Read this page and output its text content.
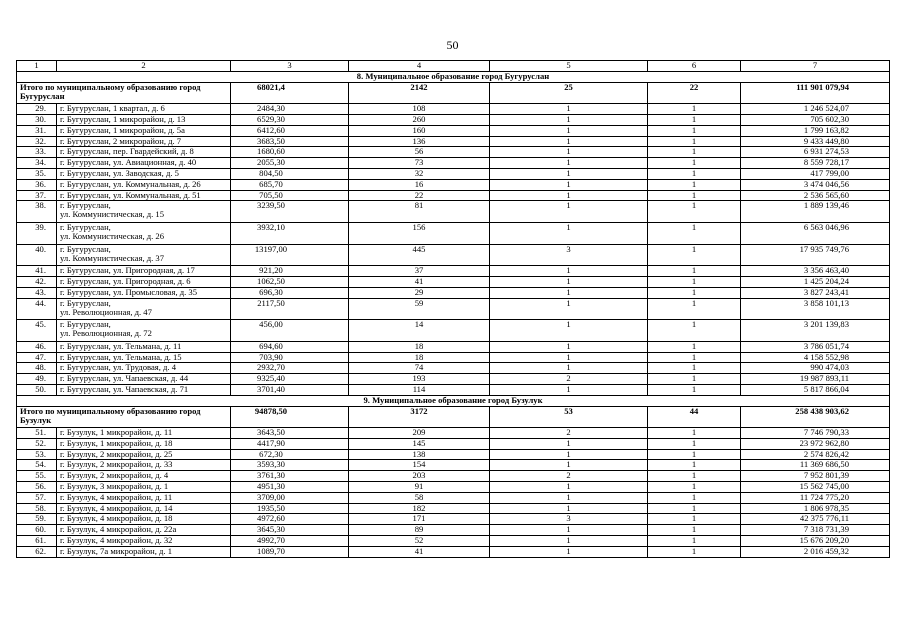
50
1	2	3	4	5	6	7
8. Муниципальное образование город Бугуруслан						
Итого по муниципальному образованию город Бугуруслан		68021,4	2142	25	22	111 901 079,94
29.	г. Бугуруслан, 1 квартал, д. 6	2484,30	108	1	1	1 246 524,07
30.	г. Бугуруслан, 1 микрорайон, д. 13	6529,30	260	1	1	705 602,30
31.	г. Бугуруслан, 1 микрорайон, д. 5а	6412,60	160	1	1	1 799 163,82
32.	г. Бугуруслан, 2 микрорайон, д. 7	3683,50	136	1	1	9 433 449,80
33.	г. Бугуруслан, пер. Гвардейский, д. 8	1680,60	56	1	1	6 931 274,53
34.	г. Бугуруслан, ул. Авиационная, д. 40	2055,30	73	1	1	8 559 728,17
35.	г. Бугуруслан, ул. Заводская, д. 5	804,50	32	1	1	417 799,00
36.	г. Бугуруслан, ул. Коммунальная, д. 26	685,70	16	1	1	3 474 046,56
37.	г. Бугуруслан, ул. Коммунальная, д. 51	705,50	22	1	1	2 536 565,60
38.	г. Бугуруслан,
ул. Коммунистическая, д. 15	3239,50	81	1	1	1 889 139,46
39.	г. Бугуруслан,
ул. Коммунистическая, д. 26	3932,10	156	1	1	6 563 046,96
40.	г. Бугуруслан,
ул. Коммунистическая, д. 37	13197,00	445	3	1	17 935 749,76
41.	г. Бугуруслан, ул. Пригородная, д. 17	921,20	37	1	1	3 356 463,40
42.	г. Бугуруслан, ул. Пригородная, д. 6	1062,50	41	1	1	1 425 204,24
43.	г. Бугуруслан, ул. Промысловая, д. 35	696,30	29	1	1	3 827 243,41
44.	г. Бугуруслан,
ул. Революционная, д. 47	2117,50	59	1	1	3 858 101,13
45.	г. Бугуруслан,
ул. Революционная, д. 72	456,00	14	1	1	3 201 139,83
46.	г. Бугуруслан, ул. Тельмана, д. 11	694,60	18	1	1	3 786 051,74
47.	г. Бугуруслан, ул. Тельмана, д. 15	703,90	18	1	1	4 158 552,98
48.	г. Бугуруслан, ул. Трудовая, д. 4	2932,70	74	1	1	990 474,03
49.	г. Бугуруслан, ул. Чапаевская, д. 44	9325,40	193	2	1	19 987 893,11
50.	г. Бугуруслан, ул. Чапаевская, д. 71	3701,40	114	1	1	5 817 866,04
9. Муниципальное образование город Бузулук						
Итого по муниципальному образованию город Бузулук		94878,50	3172	53	44	258 438 903,62
51.	г. Бузулук, 1 микрорайон, д. 11	3643,50	209	2	1	7 746 790,33
52.	г. Бузулук, 1 микрорайон, д. 18	4417,90	145	1	1	23 972 962,80
53.	г. Бузулук, 2 микрорайон, д. 25	672,30	138	1	1	2 574 826,42
54.	г. Бузулук, 2 микрорайон, д. 33	3593,30	154	1	1	11 369 686,50
55.	г. Бузулук, 2 микрорайон, д. 4	3761,30	203	2	1	7 952 801,39
56.	г. Бузулук, 3 микрорайон, д. 1	4951,30	91	1	1	15 562 745,00
57.	г. Бузулук, 4 микрорайон, д. 11	3709,00	58	1	1	11 724 775,20
58.	г. Бузулук, 4 микрорайон, д. 14	1935,50	182	1	1	1 806 978,35
59.	г. Бузулук, 4 микрорайон, д. 18	4972,60	171	3	1	42 375 776,11
60.	г. Бузулук, 4 микрорайон, д. 22а	3645,30	89	1	1	7 318 731,39
61.	г. Бузулук, 4 микрорайон, д. 32	4992,70	52	1	1	15 676 209,20
62.	г. Бузулук, 7а микрорайон, д. 1	1089,70	41	1	1	2 016 459,32
